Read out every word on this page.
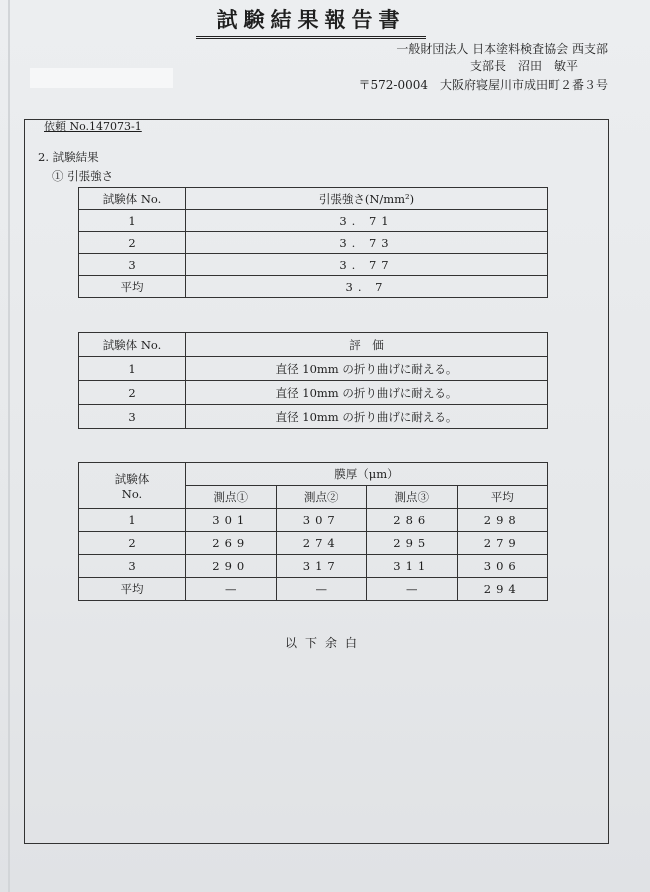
試験結果報告書
一般財団法人 日本塗料検査協会 西支部
支部長　沼田　敏平
〒572-0004　大阪府寝屋川市成田町２番３号
依頼 No.147073-1
2. 試験結果
① 引張強さ
試験体 No.	引張強さ(N/mm²)
1	3. 71
2	3. 73
3	3. 77
平均	3. 7
試験体 No.	評　価
1	直径 10mm の折り曲げに耐える。
2	直径 10mm の折り曲げに耐える。
3	直径 10mm の折り曲げに耐える。
試験体
No.	膜厚（μm）			
	測点①	測点②	測点③	平均
1	301	307	286	298
2	269	274	295	279
3	290	317	311	306
平均	—	—	—	294
以下余白
